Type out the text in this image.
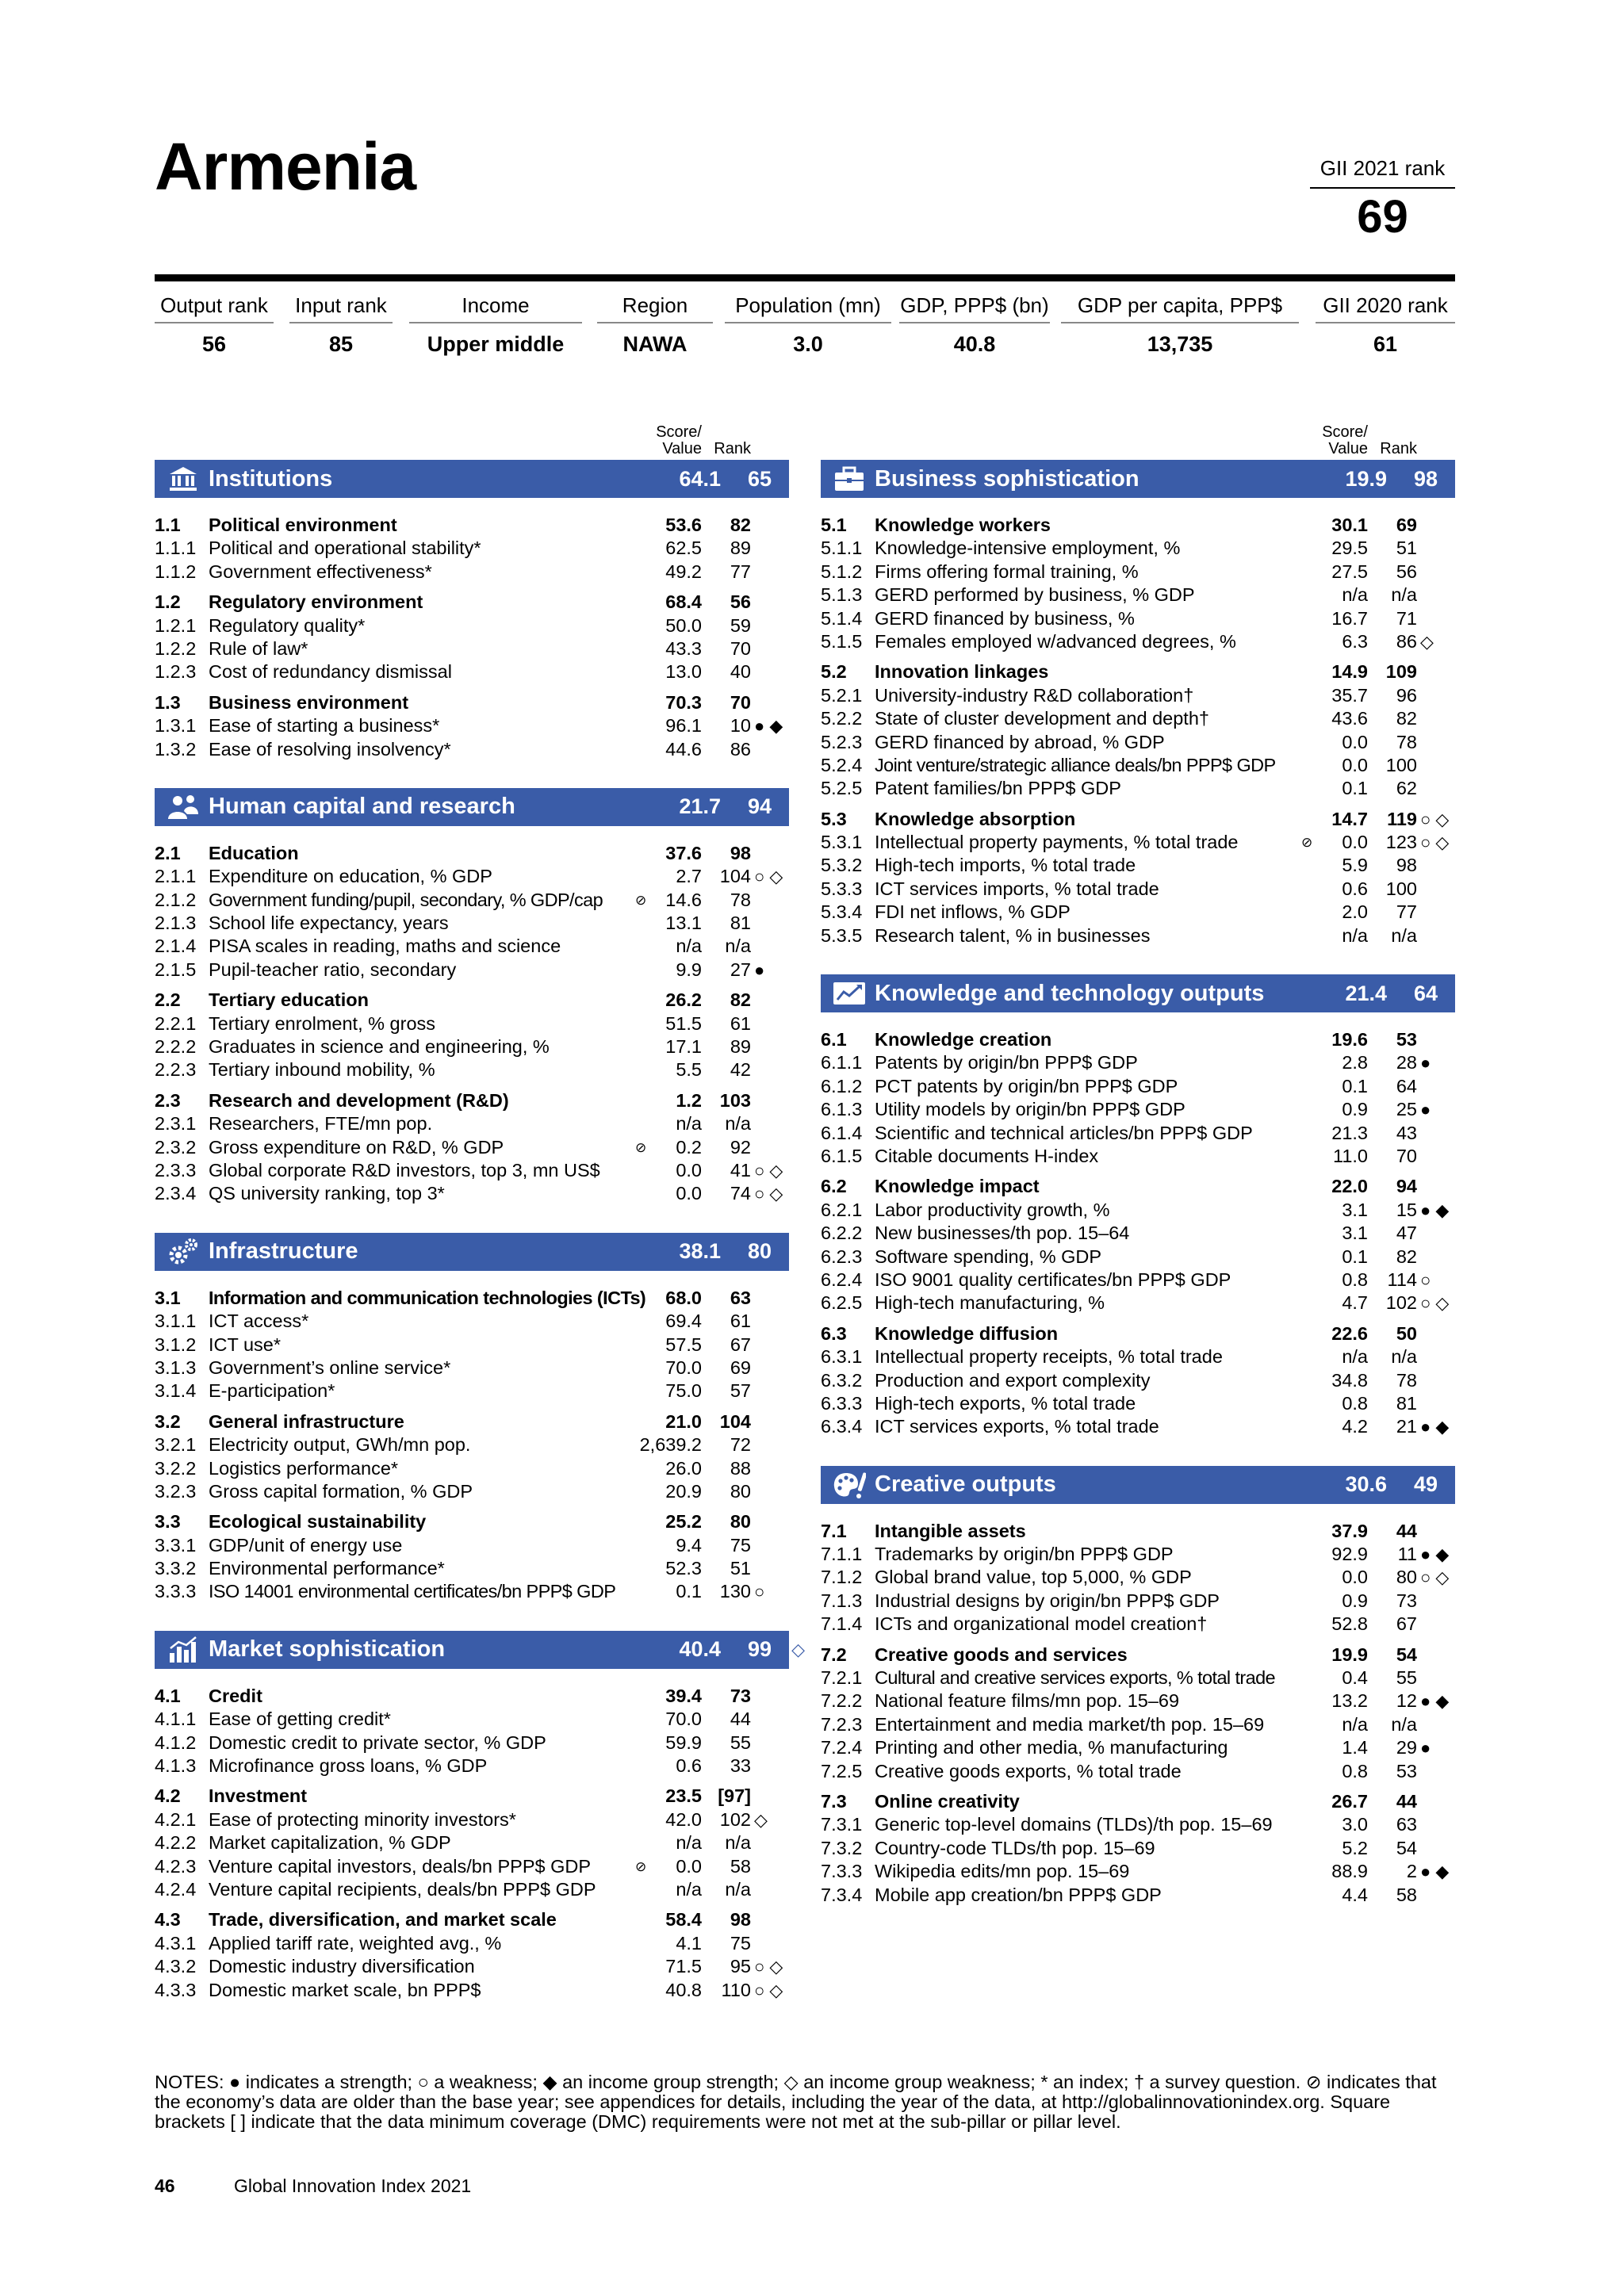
Armenia	GII 2021 rank
69
Output rank
56
Input rank
85
Income
Upper middle
Region
NAWA
Population (mn)
3.0
GDP, PPP$ (bn)
40.8
GDP per capita, PPP$
13,735
GII 2020 rank
61
Score/
Value Rank
Institutions	64.1	65
1.1 Political environment	53.6 82
1.1.1 Political and operational stability*	62.5 89
1.1.2 Government effectiveness*	49.2 77
1.2 Regulatory environment	68.4 56
1.2.1 Regulatory quality*	50.0 59
1.2.2 Rule of law*	43.3 70
1.2.3 Cost of redundancy dismissal	13.0 40
1.3 Business environment	70.3 70
1.3.1 Ease of starting a business*	96.1 10 ● ◆
1.3.2 Ease of resolving insolvency*	44.6 86
Human capital and research	21.7	94
2.1 Education	37.6 98
2.1.1 Expenditure on education, % GDP	2.7 104 ○ ◇
2.1.2 Government funding/pupil, secondary, % GDP/cap ⊘ 14.6 78
2.1.3 School life expectancy, years	13.1 81
2.1.4 PISA scales in reading, maths and science	n/a n/a
2.1.5 Pupil-teacher ratio, secondary	9.9 27 ●
2.2 Tertiary education	26.2 82
2.2.1 Tertiary enrolment, % gross	51.5 61
2.2.2 Graduates in science and engineering, %	17.1 89
2.2.3 Tertiary inbound mobility, %	5.5 42
2.3 Research and development (R&D)	1.2 103
2.3.1 Researchers, FTE/mn pop.	n/a n/a
2.3.2 Gross expenditure on R&D, % GDP	⊘ 0.2 92
2.3.3 Global corporate R&D investors, top 3, mn US$	0.0 41 ○ ◇
2.3.4 QS university ranking, top 3*	0.0 74 ○ ◇
Infrastructure	38.1	80
3.1 Information and communication technologies (ICTs) 68.0 63
3.1.1 ICT access*	69.4 61
3.1.2 ICT use*	57.5 67
3.1.3 Government’s online service*	70.0 69
3.1.4 E-participation*	75.0 57
3.2 General infrastructure	21.0 104
3.2.1 Electricity output, GWh/mn pop.	2,639.2 72
3.2.2 Logistics performance*	26.0 88
3.2.3 Gross capital formation, % GDP	20.9 80
3.3 Ecological sustainability	25.2 80
3.3.1 GDP/unit of energy use	9.4 75
3.3.2 Environmental performance*	52.3 51
3.3.3 ISO 14001 environmental certificates/bn PPP$ GDP	0.1 130 ○
Market sophistication	40.4	99 ◇
4.1 Credit	39.4 73
4.1.1 Ease of getting credit*	70.0 44
4.1.2 Domestic credit to private sector, % GDP	59.9 55
4.1.3 Microfinance gross loans, % GDP	0.6 33
4.2 Investment	23.5 [97]
4.2.1 Ease of protecting minority investors*	42.0 102 ◇
4.2.2 Market capitalization, % GDP	n/a n/a
4.2.3 Venture capital investors, deals/bn PPP$ GDP	⊘ 0.0 58
4.2.4 Venture capital recipients, deals/bn PPP$ GDP	n/a n/a
4.3 Trade, diversification, and market scale	58.4 98
4.3.1 Applied tariff rate, weighted avg., %	4.1 75
4.3.2 Domestic industry diversification	71.5 95 ○ ◇
4.3.3 Domestic market scale, bn PPP$	40.8 110 ○ ◇
Score/
Value Rank
Business sophistication	19.9	98
5.1 Knowledge workers	30.1 69
5.1.1 Knowledge-intensive employment, %	29.5 51
5.1.2 Firms offering formal training, %	27.5 56
5.1.3 GERD performed by business, % GDP	n/a n/a
5.1.4 GERD financed by business, %	16.7 71
5.1.5 Females employed w/advanced degrees, %	6.3 86 ◇
5.2 Innovation linkages	14.9 109
5.2.1 University-industry R&D collaboration†	35.7 96
5.2.2 State of cluster development and depth†	43.6 82
5.2.3 GERD financed by abroad, % GDP	0.0 78
5.2.4 Joint venture/strategic alliance deals/bn PPP$ GDP	0.0 100
5.2.5 Patent families/bn PPP$ GDP	0.1 62
5.3 Knowledge absorption	14.7 119 ○ ◇
5.3.1 Intellectual property payments, % total trade	⊘ 0.0 123 ○ ◇
5.3.2 High-tech imports, % total trade	5.9 98
5.3.3 ICT services imports, % total trade	0.6 100
5.3.4 FDI net inflows, % GDP	2.0 77
5.3.5 Research talent, % in businesses	n/a n/a
Knowledge and technology outputs	21.4	64
6.1 Knowledge creation	19.6 53
6.1.1 Patents by origin/bn PPP$ GDP	2.8 28 ●
6.1.2 PCT patents by origin/bn PPP$ GDP	0.1 64
6.1.3 Utility models by origin/bn PPP$ GDP	0.9 25 ●
6.1.4 Scientific and technical articles/bn PPP$ GDP	21.3 43
6.1.5 Citable documents H-index	11.0 70
6.2 Knowledge impact	22.0 94
6.2.1 Labor productivity growth, %	3.1 15 ● ◆
6.2.2 New businesses/th pop. 15–64	3.1 47
6.2.3 Software spending, % GDP	0.1 82
6.2.4 ISO 9001 quality certificates/bn PPP$ GDP	0.8 114 ○
6.2.5 High-tech manufacturing, %	4.7 102 ○ ◇
6.3 Knowledge diffusion	22.6 50
6.3.1 Intellectual property receipts, % total trade	n/a n/a
6.3.2 Production and export complexity	34.8 78
6.3.3 High-tech exports, % total trade	0.8 81
6.3.4 ICT services exports, % total trade	4.2 21 ● ◆
Creative outputs	30.6	49
7.1 Intangible assets	37.9 44
7.1.1 Trademarks by origin/bn PPP$ GDP	92.9 11 ● ◆
7.1.2 Global brand value, top 5,000, % GDP	0.0 80 ○ ◇
7.1.3 Industrial designs by origin/bn PPP$ GDP	0.9 73
7.1.4 ICTs and organizational model creation†	52.8 67
7.2 Creative goods and services	19.9 54
7.2.1 Cultural and creative services exports, % total trade	0.4 55
7.2.2 National feature films/mn pop. 15–69	13.2 12 ● ◆
7.2.3 Entertainment and media market/th pop. 15–69	n/a n/a
7.2.4 Printing and other media, % manufacturing	1.4 29 ●
7.2.5 Creative goods exports, % total trade	0.8 53
7.3 Online creativity	26.7 44
7.3.1 Generic top-level domains (TLDs)/th pop. 15–69	3.0 63
7.3.2 Country-code TLDs/th pop. 15–69	5.2 54
7.3.3 Wikipedia edits/mn pop. 15–69	88.9 2 ● ◆
7.3.4 Mobile app creation/bn PPP$ GDP	4.4 58
NOTES: ● indicates a strength; ○ a weakness; ◆ an income group strength; ◇ an income group weakness; * an index; † a survey question. ⊘ indicates that the economy’s data are older than the base year; see appendices for details, including the year of the data, at http://globalinnovationindex.org. Square brackets [ ] indicate that the data minimum coverage (DMC) requirements were not met at the sub-pillar or pillar level.
46	Global Innovation Index 2021
